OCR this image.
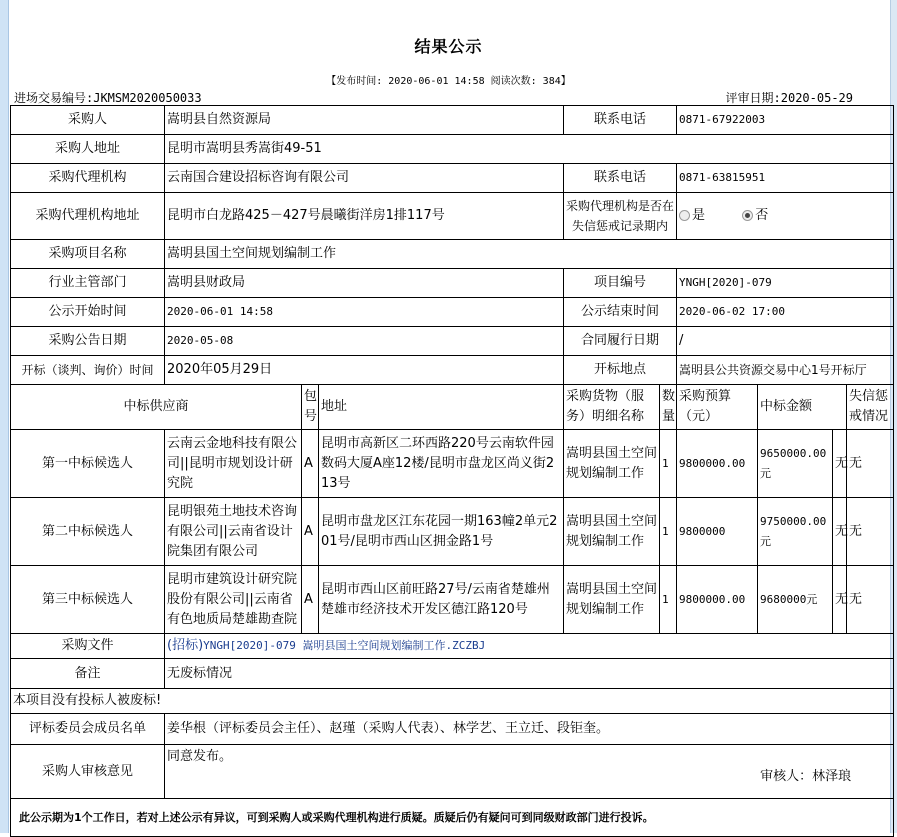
结果公示
【发布时间: 2020-06-01 14:58 阅读次数: 384】
进场交易编号:JKMSM2020050033	评审日期:2020-05-29
采购人	嵩明县自然资源局			联系电话		0871-67922003			
采购人地址	昆明市嵩明县秀嵩街49-51								
采购代理机构	云南国合建设招标咨询有限公司			联系电话		0871-63815951			
采购代理机构地址	昆明市白龙路425－427号晨曦街洋房1排117号			采购代理机构是否在失信惩戒记录期内		是 否			
采购项目名称	嵩明县国土空间规划编制工作								
行业主管部门	嵩明县财政局			项目编号		YNGH[2020]-079			
公示开始时间	2020-06-01 14:58			公示结束时间		2020-06-02 17:00			
采购公告日期	2020-05-08			合同履行日期		/			
开标（谈判、询价）时间	2020年05月29日			开标地点		嵩明县公共资源交易中心1号开标厅			
中标供应商		包号	地址	采购货物（服务）明细名称	数量	采购预算（元）	中标金额		失信惩戒情况
第一中标候选人	云南云金地科技有限公司||昆明市规划设计研究院	A	昆明市高新区二环西路220号云南软件园数码大厦A座12楼/昆明市盘龙区尚义街213号	嵩明县国土空间规划编制工作	1	9800000.00	9650000.00元	无	无
第二中标候选人	昆明银苑土地技术咨询有限公司||云南省设计院集团有限公司	A	昆明市盘龙区江东花园一期163幢2单元201号/昆明市西山区拥金路1号	嵩明县国土空间规划编制工作	1	9800000	9750000.00元	无	无
第三中标候选人	昆明市建筑设计研究院股份有限公司||云南省有色地质局楚雄勘查院	A	昆明市西山区前旺路27号/云南省楚雄州楚雄市经济技术开发区德江路120号	嵩明县国土空间规划编制工作	1	9800000.00	9680000元	无	无
采购文件	(招标)YNGH[2020]-079 嵩明县国土空间规划编制工作.ZCZBJ								
备注	无废标情况								
本项目没有投标人被废标!									
评标委员会成员名单	姜华根（评标委员会主任）、赵瑾（采购人代表）、林学艺、王立迁、段钜奎。								
采购人审核意见	同意发布。
审核人：林泽琅								

此公示期为1个工作日，若对上述公示有异议，可到采购人或采购代理机构进行质疑。质疑后仍有疑问可到同级财政部门进行投诉。									
